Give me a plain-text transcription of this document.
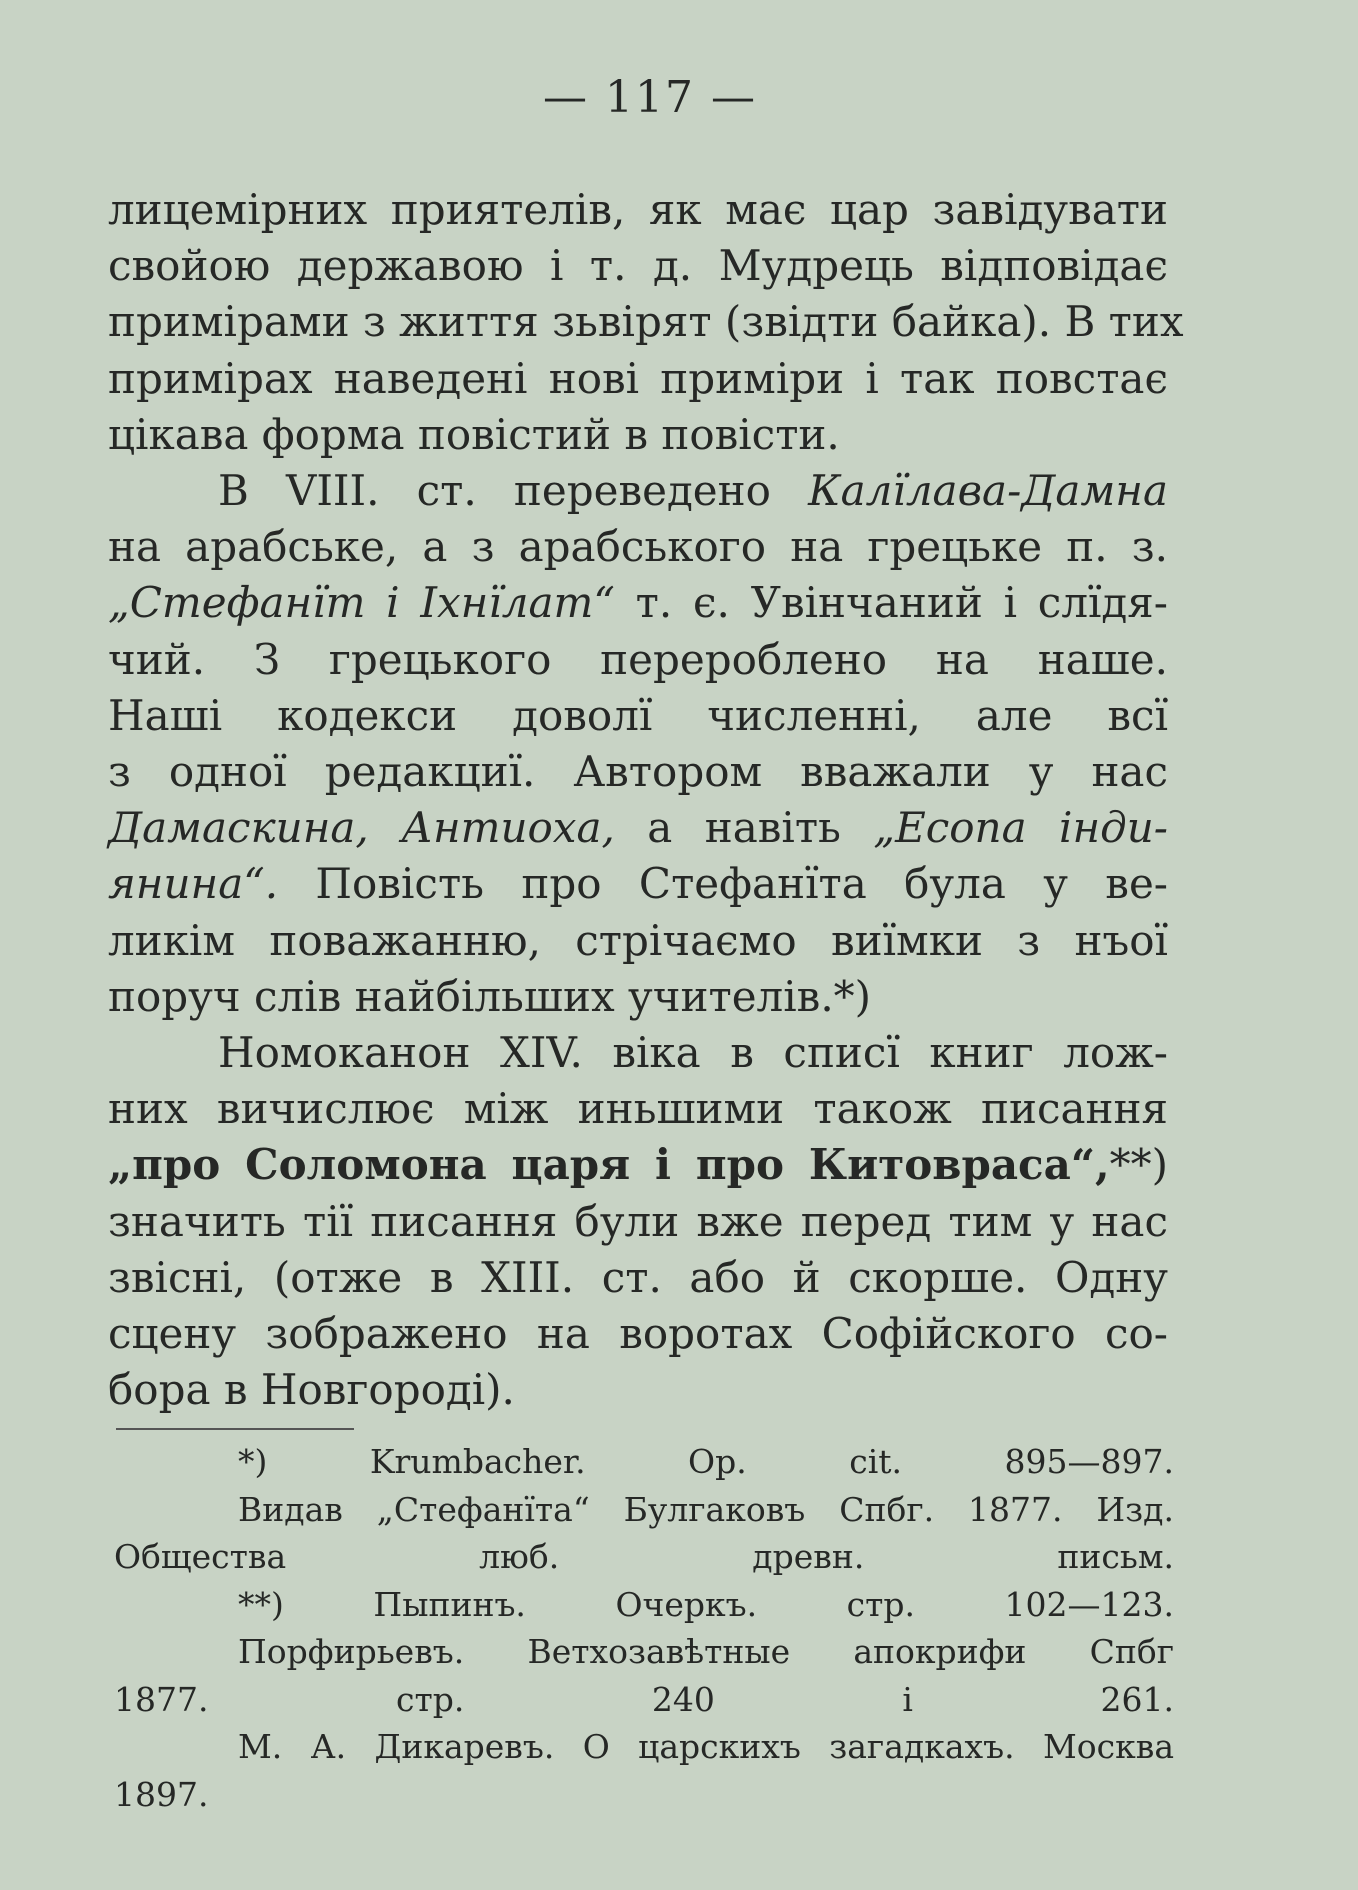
— 117 —
лицемірних приятелів, як має цар завідувати
свойою державою і т. д. Мудрець відповідає
примірами з життя зьвірят (звідти байка). В тих
примірах наведені нові приміри і так повстає
цікава форма повістий в повісти.
В VIII. ст. переведено Калїлава-Дамна
на арабське, а з арабського на грецьке п. з.
„Стефанїт і Ixнїлат“ т. є. Увінчаний і слїдя-
чий. З грецького перероблено на наше.
Наші кодекси доволї численні, але всї
з одної редакциї. Автором вважали у нас
Дамаскина, Антиоха, а навіть „Есопа інди-
янина“. Повість про Стефанїта була у ве-
ликім поважанню, стрічаємо виїмки з нъої
поруч слів найбільших учителів.*)
Номоканон XIV. віка в списї книг лож-
них вичислює між иньшими також писання
„про Соломона царя і про Китовраса“,**)
значить тії писання були вже перед тим у нас
звісні, (отже в XIII. ст. або й скорше. Одну
сцену зображено на воротах Софійского со-
бора в Новгороді).
*) Krumbacher. Op. cit. 895—897.
Видав „Стефанїта“ Булгаковъ Спбг. 1877. Изд.
Общества люб. древн. письм.
**) Пыпинъ. Очеркъ. стр. 102—123.
Порфирьевъ. Ветхозавѣтные апокрифи Спбг
1877. стр. 240 і 261.
М. А. Дикаревъ. О царскихъ загадкахъ. Москва
1897.
